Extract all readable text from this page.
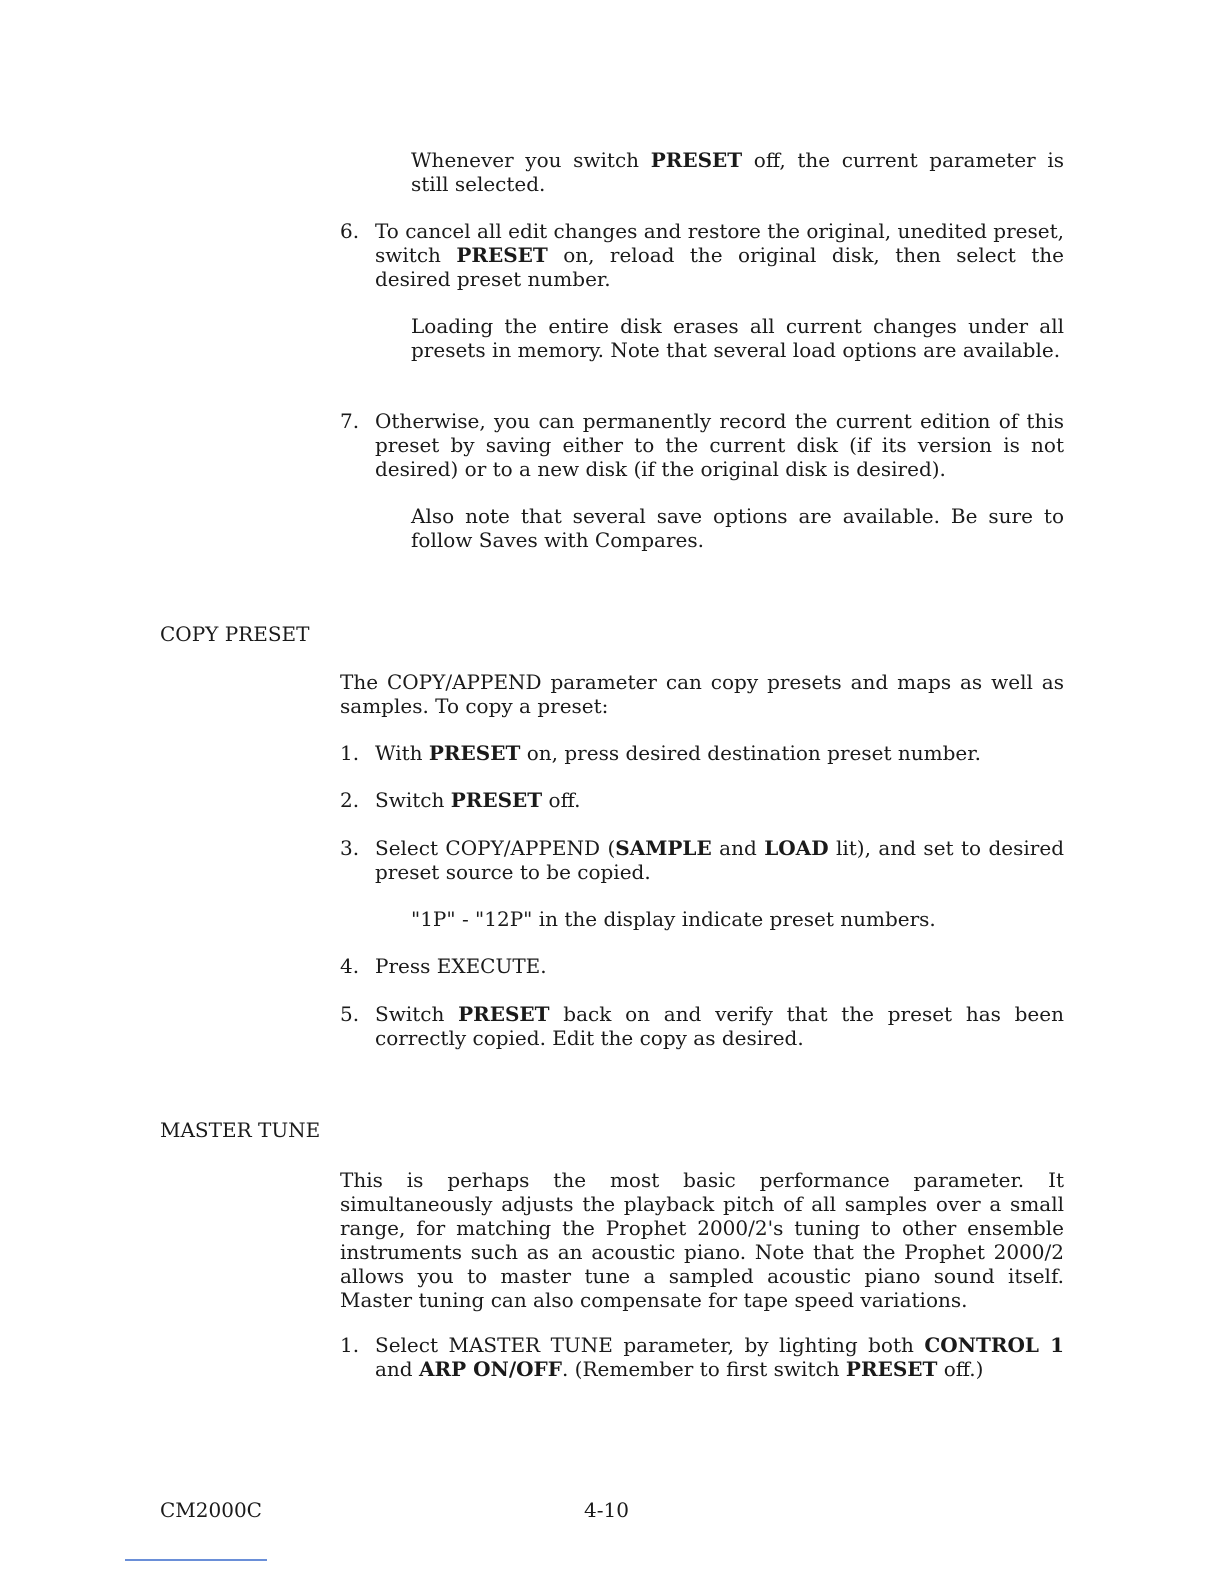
Whenever you switch PRESET off, the current parameter is still selected.
6. To cancel all edit changes and restore the original, unedited preset, switch PRESET on, reload the original disk, then select the desired preset number.
Loading the entire disk erases all current changes under all presets in memory. Note that several load options are available.
7. Otherwise, you can permanently record the current edition of this preset by saving either to the current disk (if its version is not desired) or to a new disk (if the original disk is desired).
Also note that several save options are available. Be sure to follow Saves with Compares.
COPY PRESET
The COPY/APPEND parameter can copy presets and maps as well as samples. To copy a preset:
1. With PRESET on, press desired destination preset number.
2. Switch PRESET off.
3. Select COPY/APPEND (SAMPLE and LOAD lit), and set to desired preset source to be copied.
"1P" - "12P" in the display indicate preset numbers.
4. Press EXECUTE.
5. Switch PRESET back on and verify that the preset has been correctly copied. Edit the copy as desired.
MASTER TUNE
This is perhaps the most basic performance parameter. It simultaneously adjusts the playback pitch of all samples over a small range, for matching the Prophet 2000/2's tuning to other ensemble instruments such as an acoustic piano. Note that the Prophet 2000/2 allows you to master tune a sampled acoustic piano sound itself. Master tuning can also compensate for tape speed variations.
1. Select MASTER TUNE parameter, by lighting both CONTROL 1 and ARP ON/OFF. (Remember to first switch PRESET off.)
CM2000C	4-10
